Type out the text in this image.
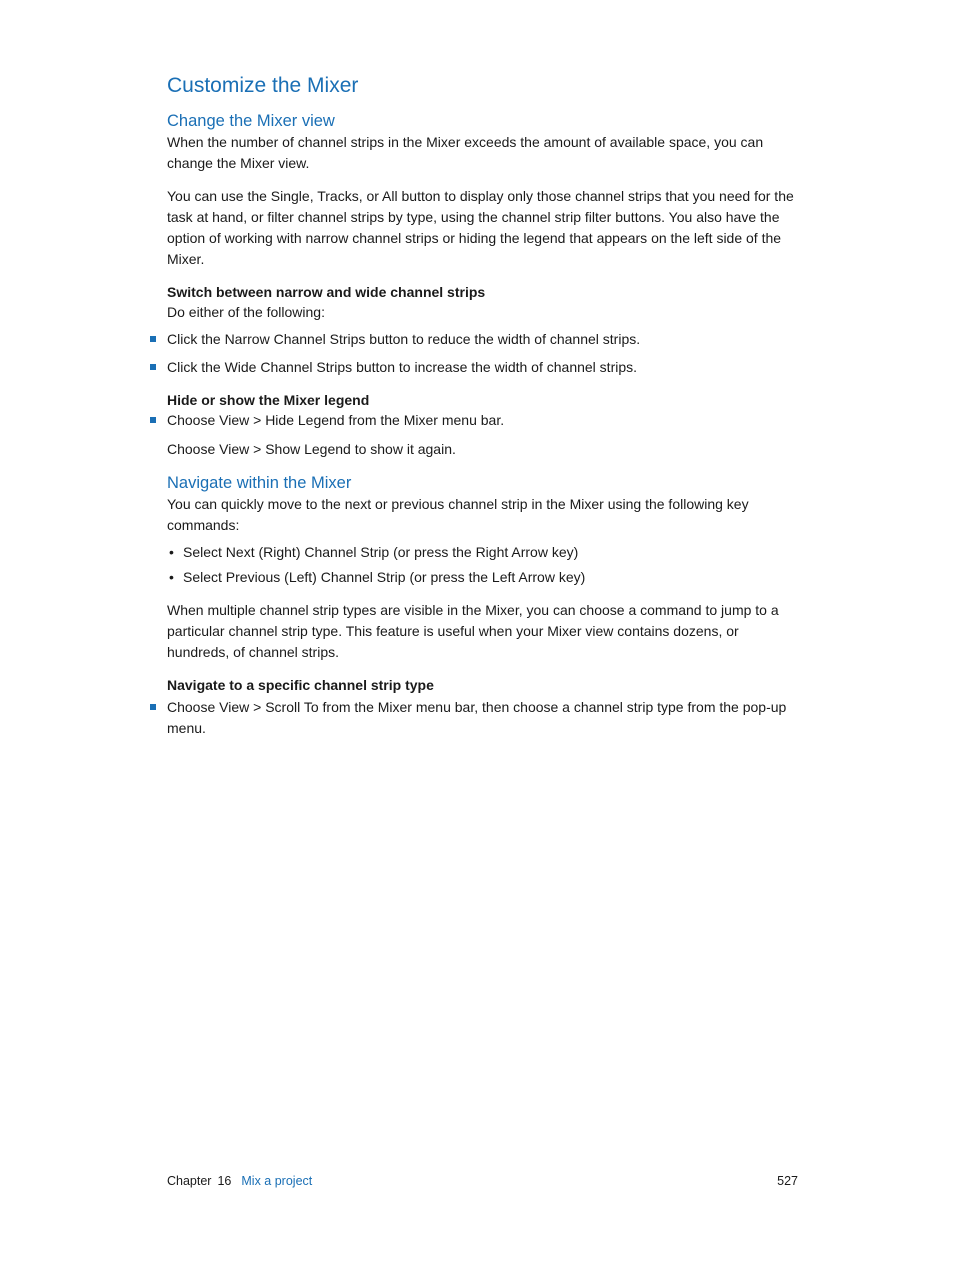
Customize the Mixer
Change the Mixer view

When the number of channel strips in the Mixer exceeds the amount of available space, you can change the Mixer view.

You can use the Single, Tracks, or All button to display only those channel strips that you need for the task at hand, or filter channel strips by type, using the channel strip filter buttons. You also have the option of working with narrow channel strips or hiding the legend that appears on the left side of the Mixer.

Switch between narrow and wide channel strips

Do either of the following:

Click the Narrow Channel Strips button to reduce the width of channel strips.
Click the Wide Channel Strips button to increase the width of channel strips.
Hide or show the Mixer legend
Choose View > Hide Legend from the Mixer menu bar.

Choose View > Show Legend to show it again.

Navigate within the Mixer

You can quickly move to the next or previous channel strip in the Mixer using the following key commands:

• Select Next (Right) Channel Strip (or press the Right Arrow key)
• Select Previous (Left) Channel Strip (or press the Left Arrow key)

When multiple channel strip types are visible in the Mixer, you can choose a command to jump to a particular channel strip type. This feature is useful when your Mixer view contains dozens, or hundreds, of channel strips.

Navigate to a specific channel strip type
Choose View > Scroll To from the Mixer menu bar, then choose a channel strip type from the pop-up menu.
Chapter 16 Mix a project	527
